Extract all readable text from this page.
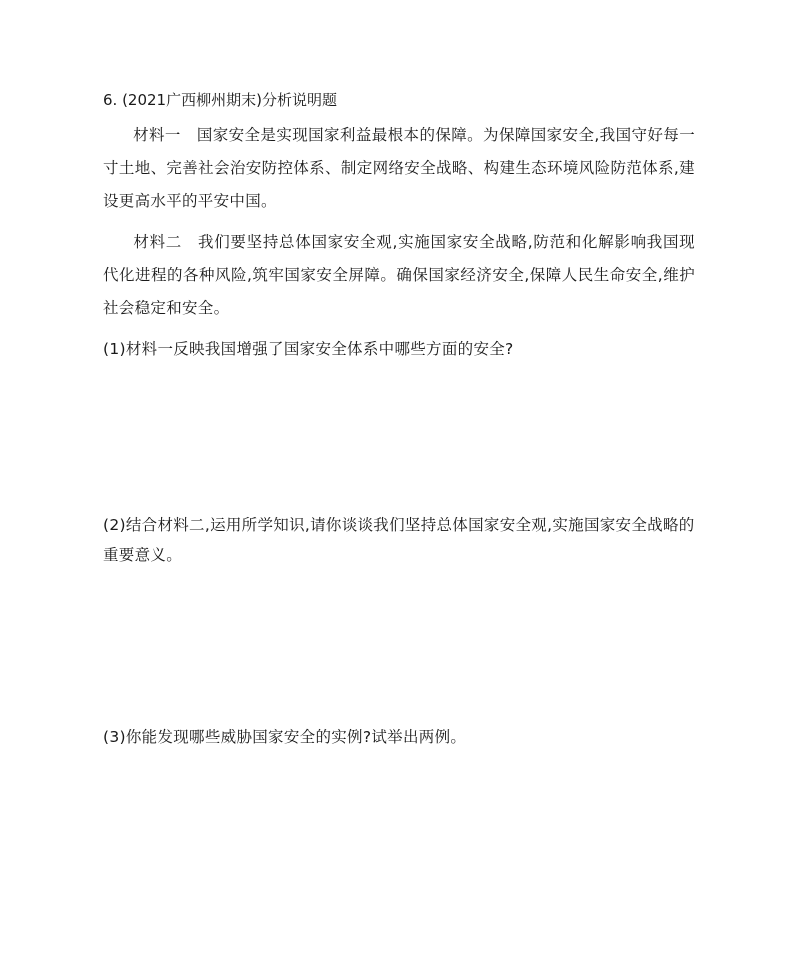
6. (2021广西柳州期末)分析说明题
材料一 国家安全是实现国家利益最根本的保障。为保障国家安全,我国守好每一寸土地、完善社会治安防控体系、制定网络安全战略、构建生态环境风险防范体系,建设更高水平的平安中国。
材料二 我们要坚持总体国家安全观,实施国家安全战略,防范和化解影响我国现代化进程的各种风险,筑牢国家安全屏障。确保国家经济安全,保障人民生命安全,维护社会稳定和安全。
(1)材料一反映我国增强了国家安全体系中哪些方面的安全?
(2)结合材料二,运用所学知识,请你谈谈我们坚持总体国家安全观,实施国家安全战略的重要意义。
(3)你能发现哪些威胁国家安全的实例?试举出两例。
